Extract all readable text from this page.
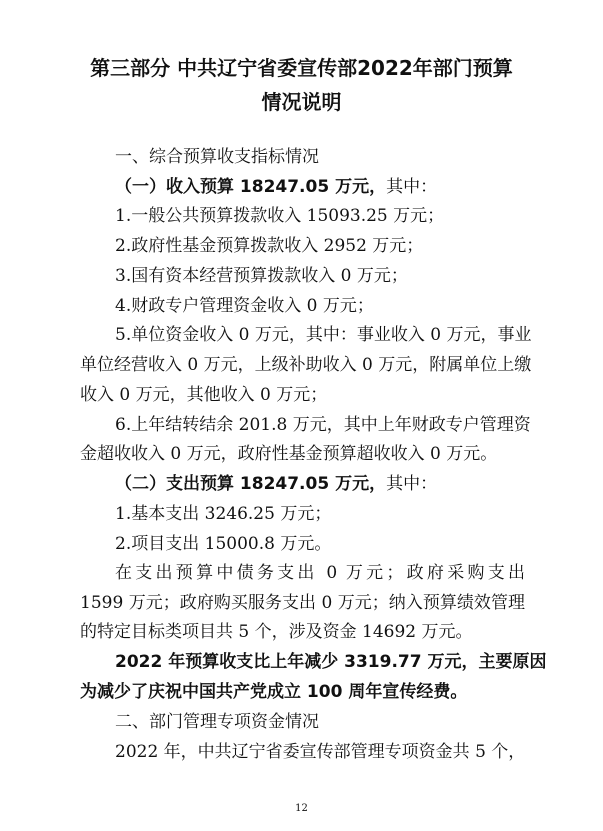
第三部分 中共辽宁省委宣传部2022年部门预算
情况说明
一、综合预算收支指标情况
（一）收入预算 18247.05 万元，其中：
1.一般公共预算拨款收入 15093.25 万元；
2.政府性基金预算拨款收入 2952 万元；
3.国有资本经营预算拨款收入 0 万元；
4.财政专户管理资金收入 0 万元；
5.单位资金收入 0 万元，其中：事业收入 0 万元，事业
单位经营收入 0 万元，上级补助收入 0 万元，附属单位上缴
收入 0 万元，其他收入 0 万元；
6.上年结转结余 201.8 万元，其中上年财政专户管理资
金超收收入 0 万元，政府性基金预算超收收入 0 万元。
（二）支出预算 18247.05 万元，其中：
1.基本支出 3246.25 万元；
2.项目支出 15000.8 万元。
在支出预算中债务支出 0 万元；政府采购支出
1599 万元；政府购买服务支出 0 万元；纳入预算绩效管理
的特定目标类项目共 5 个，涉及资金 14692 万元。
2022 年预算收支比上年减少 3319.77 万元，主要原因
为减少了庆祝中国共产党成立 100 周年宣传经费。
二、部门管理专项资金情况
2022 年，中共辽宁省委宣传部管理专项资金共 5 个，
12
